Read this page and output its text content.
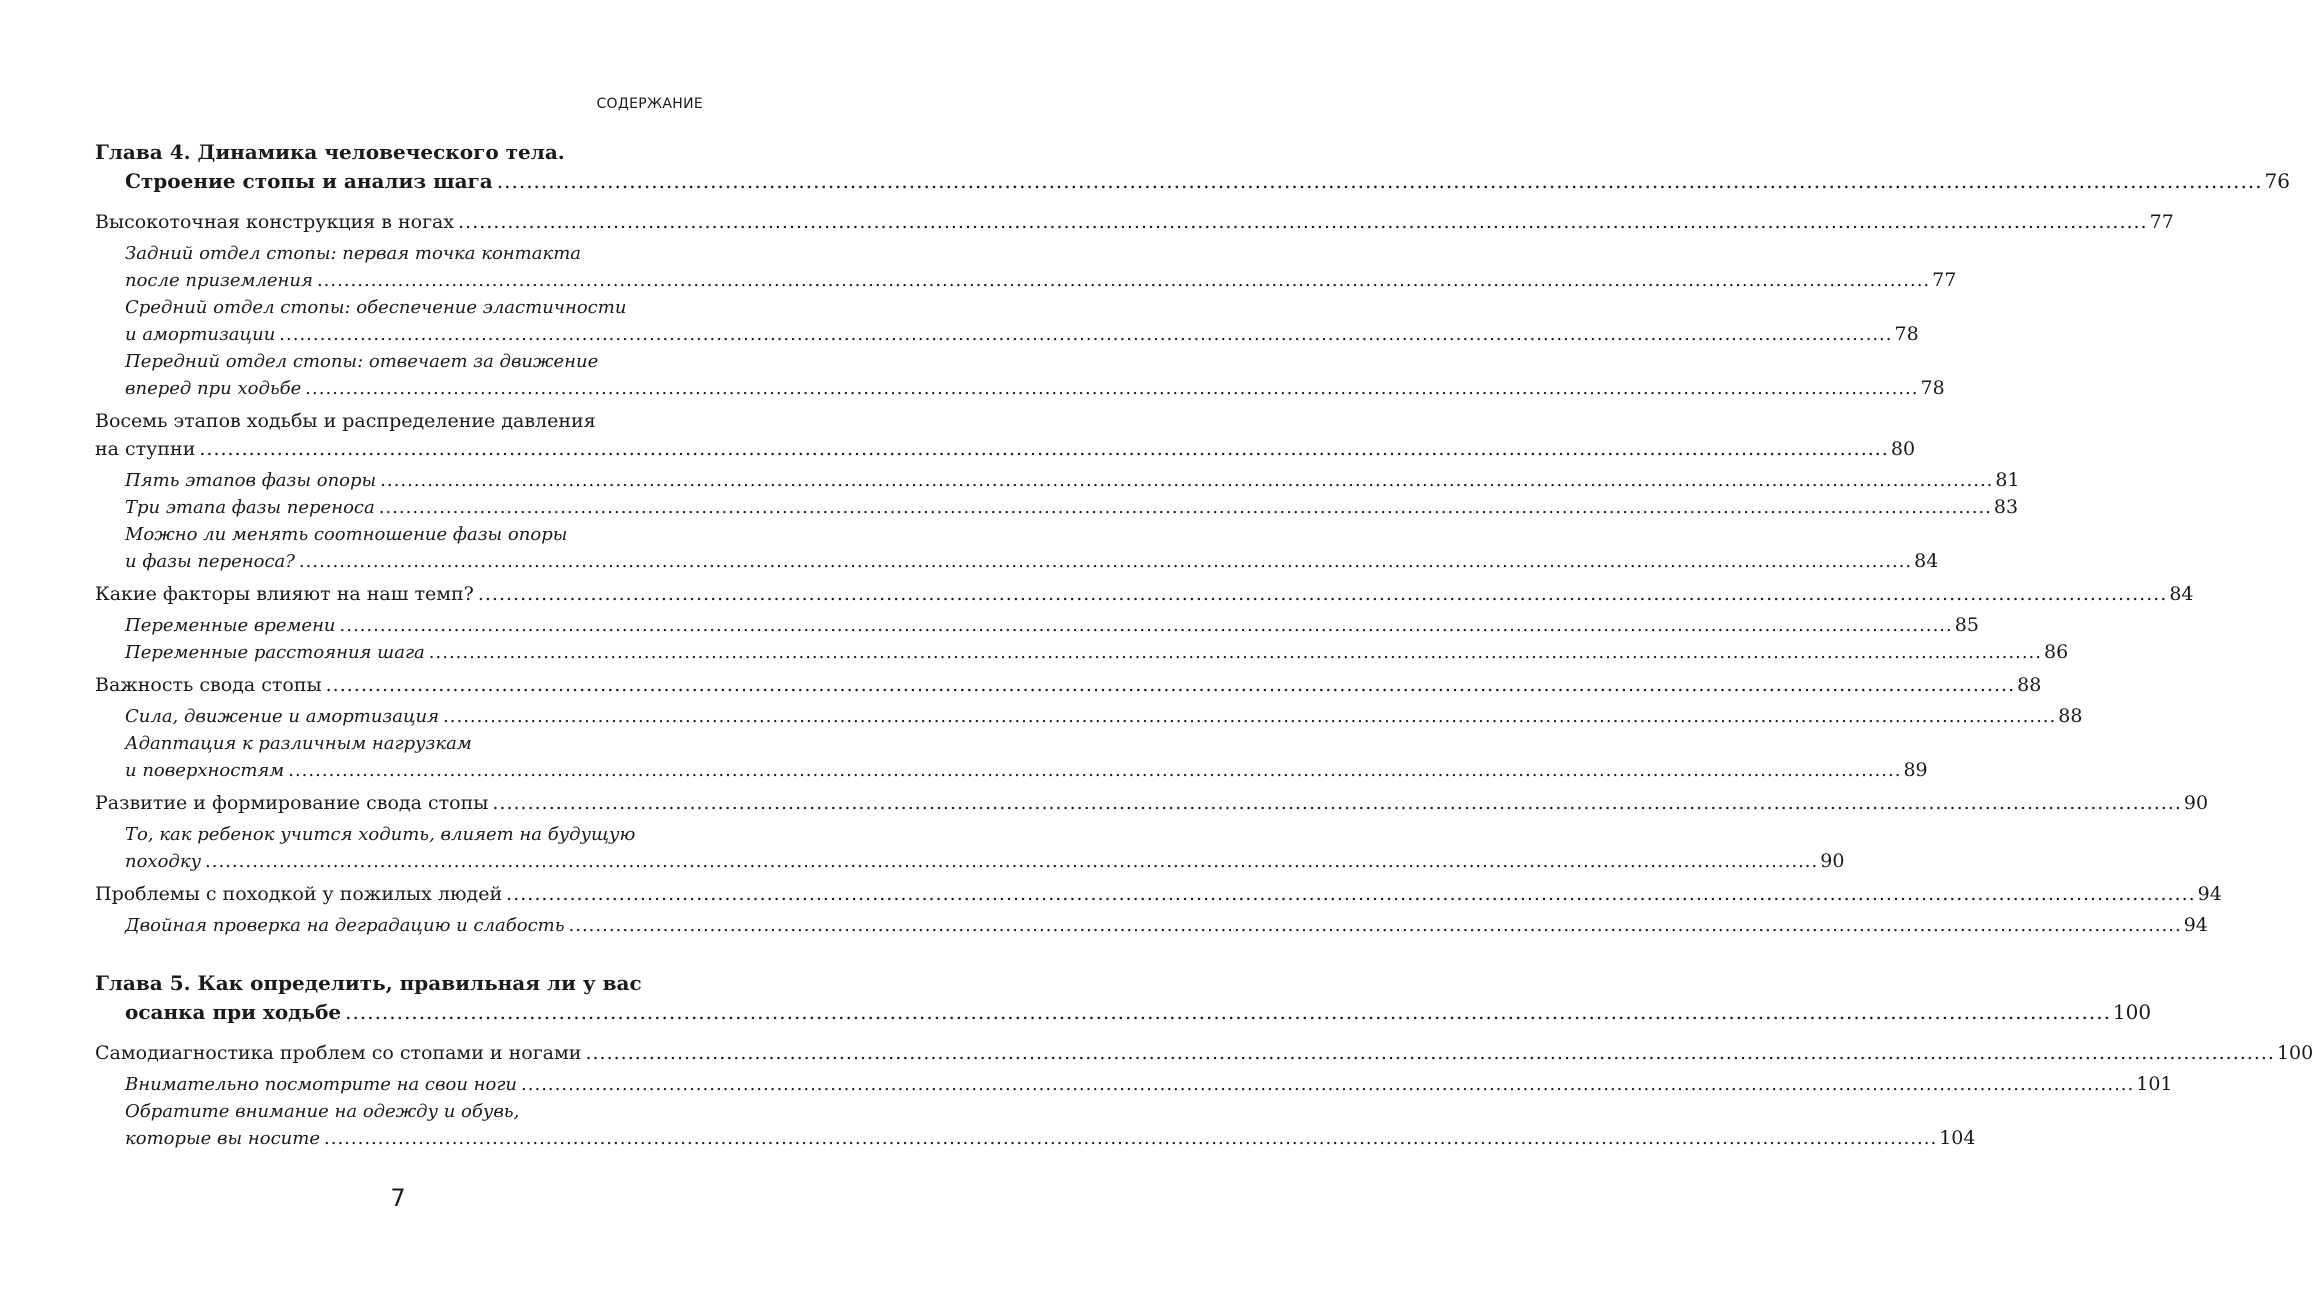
СОДЕРЖАНИЕ
Глава 4. Динамика человеческого тела.
Строение стопы и анализ шага .....	76
Высокоточная конструкция в ногах .....	77
Задний отдел стопы: первая точка контакта
после приземления .....	77
Средний отдел стопы: обеспечение эластичности
и амортизации .....	78
Передний отдел стопы: отвечает за движение
вперед при ходьбе .....	78
Восемь этапов ходьбы и распределение давления
на ступни .....	80
Пять этапов фазы опоры .....	81
Три этапа фазы переноса .....	83
Можно ли менять соотношение фазы опоры
и фазы переноса? .....	84
Какие факторы влияют на наш темп? .....	84
Переменные времени .....	85
Переменные расстояния шага .....	86
Важность свода стопы .....	88
Сила, движение и амортизация .....	88
Адаптация к различным нагрузкам
и поверхностям .....	89
Развитие и формирование свода стопы .....	90
То, как ребенок учится ходить, влияет на будущую
походку .....	90
Проблемы с походкой у пожилых людей .....	94
Двойная проверка на деградацию и слабость .....	94
Глава 5. Как определить, правильная ли у вас
осанка при ходьбе .....	100
Самодиагностика проблем со стопами и ногами .....	100
Внимательно посмотрите на свои ноги .....	101
Обратите внимание на одежду и обувь,
которые вы носите .....	104
7
